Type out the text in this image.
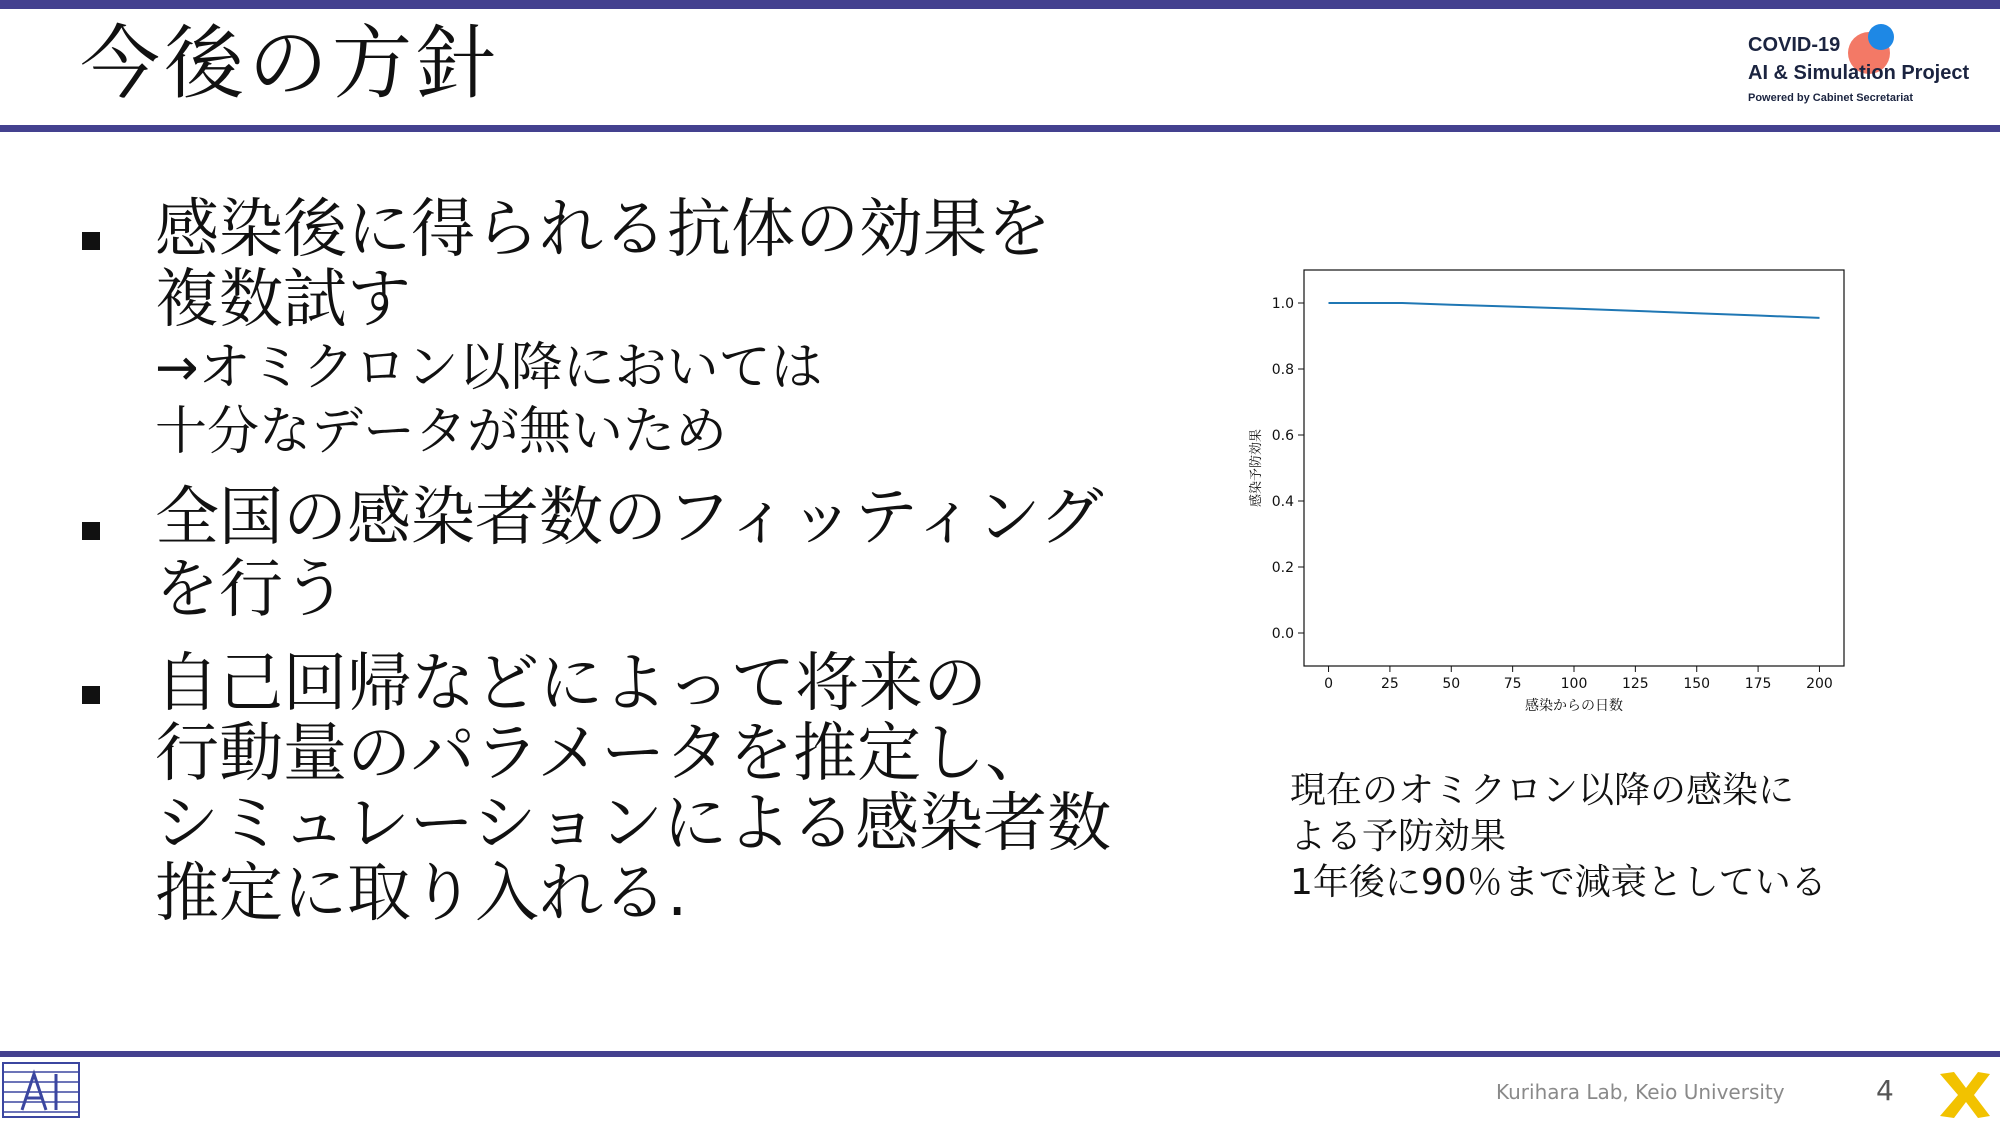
今後の方針	COVID-19
AI & Simulation Project
Powered by Cabinet Secretariat
感染後に得られる抗体の効果を
複数試す
→オミクロン以降においては
十分なデータが無いため
全国の感染者数のフィッティング
を行う
自己回帰などによって将来の
行動量のパラメータを推定し、
シミュレーションによる感染者数
推定に取り入れる.
0	25	50	75	100 125 150 175 200
0.0
0.2
0.4
0.6
0.8
1.0
感染からの日数
感染予防効果
現在のオミクロン以降の感染に
よる予防効果
1年後に90％まで減衰としている
Kurihara Lab, Keio University	4
